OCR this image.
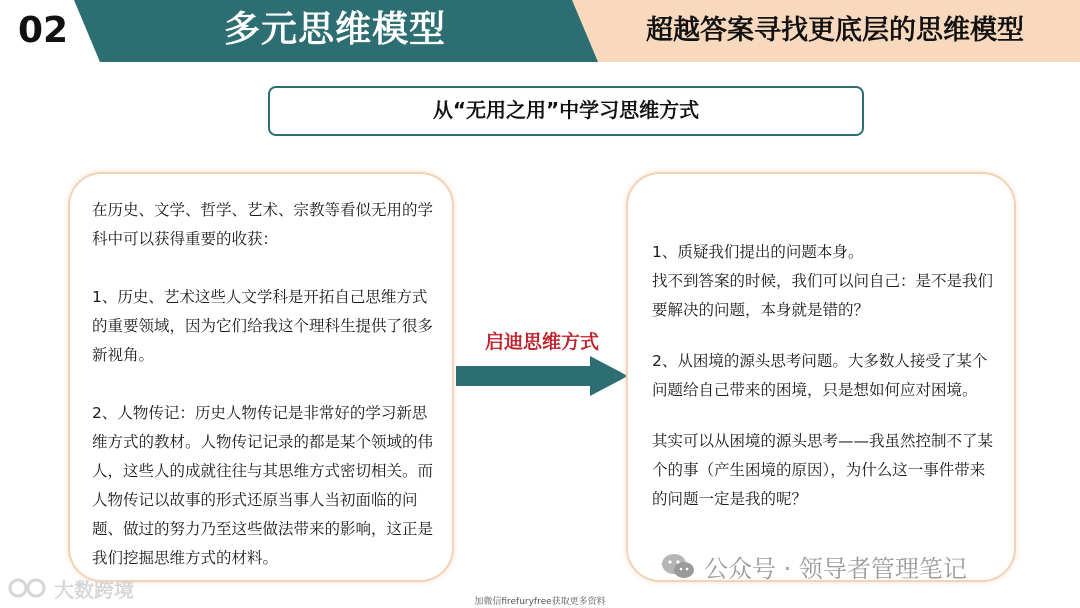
02	多元思维模型	超越答案寻找更底层的思维模型
从“无用之用”中学习思维方式

在历史、文学、哲学、艺术、宗教等看似无用的学科中可以获得重要的收获：

1、历史、艺术这些人文学科是开拓自己思维方式的重要领域，因为它们给我这个理科生提供了很多新视角。

2、人物传记：历史人物传记是非常好的学习新思维方式的教材。人物传记记录的都是某个领域的伟人，这些人的成就往往与其思维方式密切相关。而人物传记以故事的形式还原当事人当初面临的问题、做过的努力乃至这些做法带来的影响，这正是我们挖掘思维方式的材料。

启迪思维方式

1、质疑我们提出的问题本身。

找不到答案的时候，我们可以问自己：是不是我们要解决的问题，本身就是错的？

2、从困境的源头思考问题。大多数人接受了某个问题给自己带来的困境，只是想如何应对困境。

其实可以从困境的源头思考——我虽然控制不了某个的事（产生困境的原因），为什么这一事件带来的问题一定是我的呢？

大数跨境
公众号 · 领导者管理笔记
加微信firefuryfree获取更多资料
